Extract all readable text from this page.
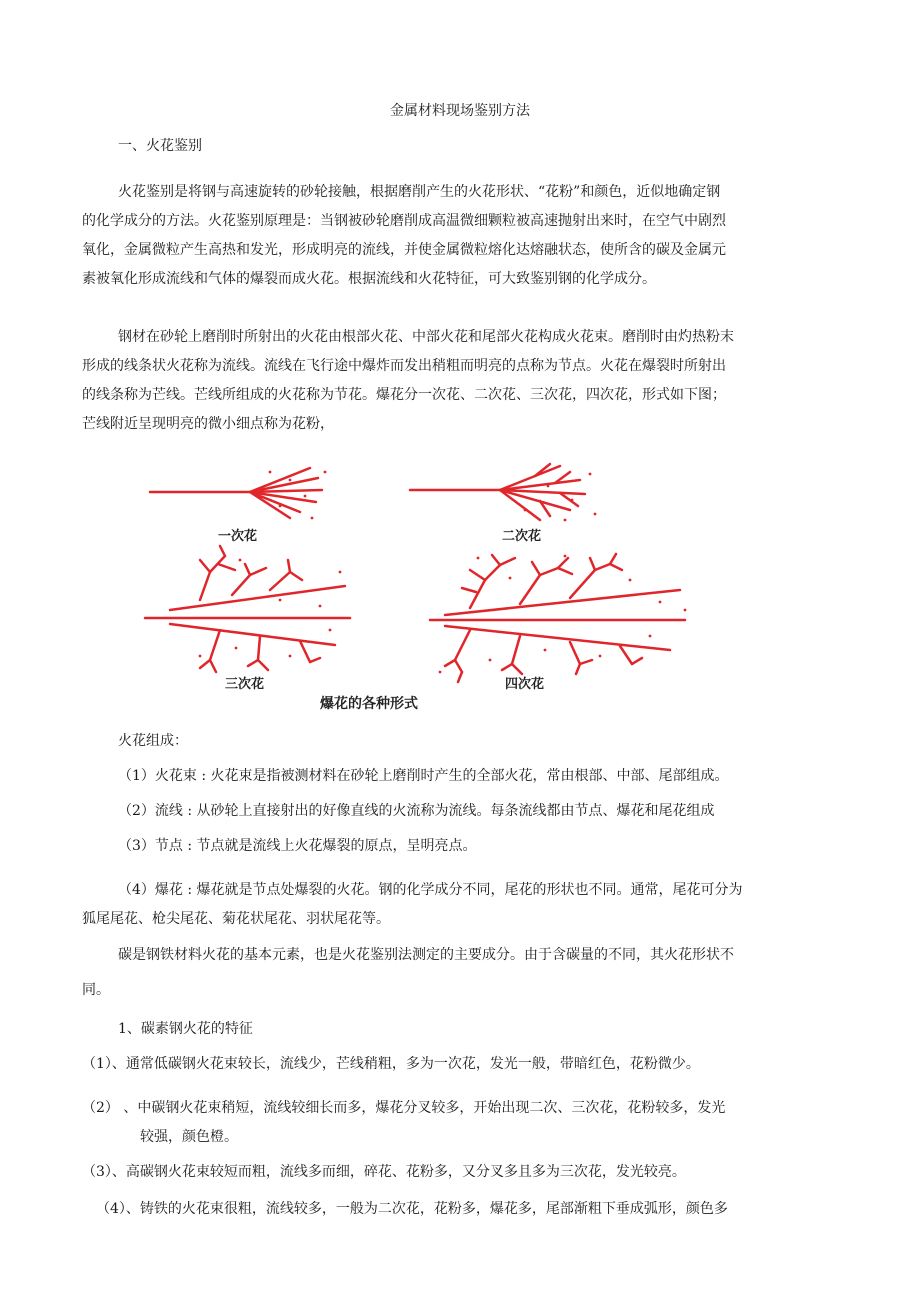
金属材料现场鉴别方法
一、火花鉴别
火花鉴别是将钢与高速旋转的砂轮接触，根据磨削产生的火花形状、“花粉”和颜色，近似地确定钢
的化学成分的方法。火花鉴别原理是：当钢被砂轮磨削成高温微细颗粒被高速抛射出来时，在空气中剧烈
氧化，金属微粒产生高热和发光，形成明亮的流线，并使金属微粒熔化达熔融状态，使所含的碳及金属元
素被氧化形成流线和气体的爆裂而成火花。根据流线和火花特征，可大致鉴别钢的化学成分。
钢材在砂轮上磨削时所射出的火花由根部火花、中部火花和尾部火花构成火花束。磨削时由灼热粉末
形成的线条状火花称为流线。流线在飞行途中爆炸而发出稍粗而明亮的点称为节点。火花在爆裂时所射出
的线条称为芒线。芒线所组成的火花称为节花。爆花分一次花、二次花、三次花，四次花，形式如下图；
芒线附近呈现明亮的微小细点称为花粉，
一次花	二次花
三次花	四次花
爆花的各种形式
火花组成：
（1）火花束 : 火花束是指被测材料在砂轮上磨削时产生的全部火花，常由根部、中部、尾部组成。
（2）流线 : 从砂轮上直接射出的好像直线的火流称为流线。每条流线都由节点、爆花和尾花组成
（3）节点 : 节点就是流线上火花爆裂的原点，呈明亮点。
（4）爆花 : 爆花就是节点处爆裂的火花。钢的化学成分不同，尾花的形状也不同。通常，尾花可分为
狐尾尾花、枪尖尾花、菊花状尾花、羽状尾花等。
碳是钢铁材料火花的基本元素，也是火花鉴别法测定的主要成分。由于含碳量的不同，其火花形状不
同。
1、碳素钢火花的特征
（1）、通常低碳钢火花束较长，流线少，芒线稍粗，多为一次花，发光一般，带暗红色，花粉微少。
（2） 、中碳钢火花束稍短，流线较细长而多，爆花分叉较多，开始出现二次、三次花，花粉较多，发光
较强，颜色橙。
（3）、高碳钢火花束较短而粗，流线多而细，碎花、花粉多，又分叉多且多为三次花，发光较亮。
（4）、铸铁的火花束很粗，流线较多，一般为二次花，花粉多，爆花多，尾部渐粗下垂成弧形，颜色多
